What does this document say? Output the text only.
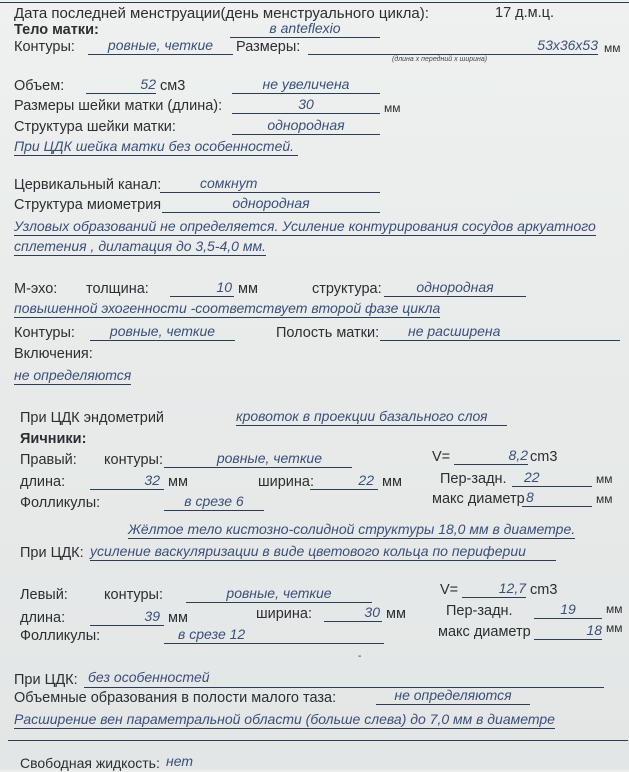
Дата последней менструации(день менструального цикла):	17 д.м.ц.
Тело матки:	в anteflexio
Контуры:	ровные, четкие	Размеры:	53х36х53 мм
(длина х передний х ширина)
Объем:	52 см3	не увеличена
Размеры шейки матки (длина):	30	мм
Структура шейки матки:	однородная
При ЦДК шейка матки без особенностей.
Цервикальный канал:	сомкнут
Структура миометрия	однородная
Узловых образований не определяется. Усиление контурирования сосудов аркуатного
сплетения , дилатация до 3,5-4,0 мм.
М-эхо: толщина:	10 мм	структура:	однородная
повышенной эхогенности -соответствует второй фазе цикла
Контуры:	ровные, четкие	Полость матки:	не расширена
Включения:
не определяются
При ЦДК эндометрий	кровоток в проекции базального слоя
Яичники:
Правый: контуры:	ровные, четкие	V=	8,2 cm3
длина:	32 мм	ширина:	22 мм	Пер-задн.	22	мм
Фолликулы:	в срезе 6	макс диаметр 8	мм
Жёлтое тело кистозно-солидной структуры 18,0 мм в диаметре.
При ЦДК: усиление васкуляризации в виде цветового кольца по периферии
Левый: контуры:	ровные, четкие	V=	12,7 cm3
длина:	39 мм	ширина:	30 мм	Пер-задн.	19	мм
Фолликулы:	в срезе 12	макс диаметр	18 мм
-
При ЦДК: без особенностей
Объемные образования в полости малого таза:	не определяются
Расширение вен параметральной области (больше слева) до 7,0 мм в диаметре
Свободная жидкость: нет
